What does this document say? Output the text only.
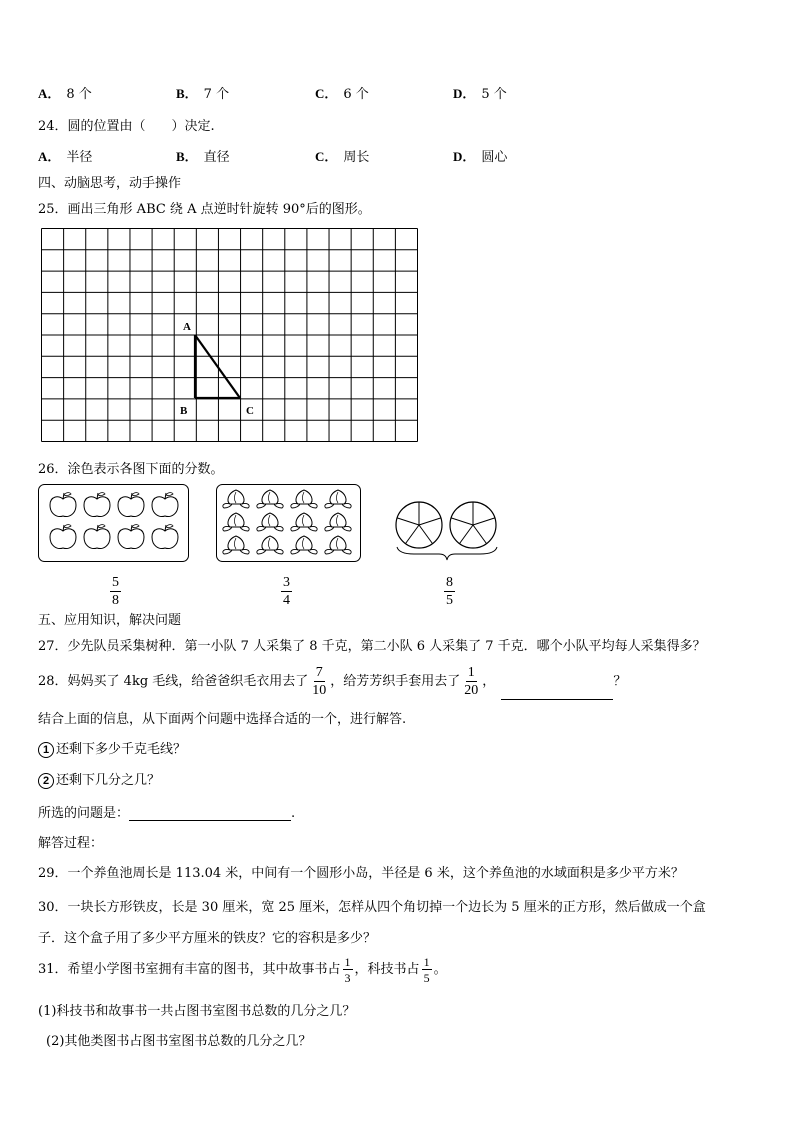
A． 8 个	B． 7 个	C． 6 个	D． 5 个
24．圆的位置由（　　）决定.
A． 半径	B． 直径	C． 周长	D． 圆心
四、动脑思考，动手操作
25．画出三角形 ABC 绕 A 点逆时针旋转 90°后的图形。
A
B	C
26．涂色表示各图下面的分数。
$\frac{5}{8}$	$\frac{3}{4}$	$\frac{8}{5}$
五、应用知识，解决问题
27．少先队员采集树种．第一小队 7 人采集了 8 千克，第二小队 6 人采集了 7 千克．哪个小队平均每人采集得多？
28．妈妈买了 4kg 毛线，给爸爸织毛衣用去了 $\frac{7}{10}$ ，给芳芳织手套用去了 $\frac{1}{20}$ ，	？
结合上面的信息，从下面两个问题中选择合适的一个，进行解答.
1 还剩下多少千克毛线？
2 还剩下几分之几？
所选的问题是：	.
解答过程：
29．一个养鱼池周长是 113.04 米，中间有一个圆形小岛，半径是 6 米，这个养鱼池的水域面积是多少平方米？
30．一块长方形铁皮，长是 30 厘米，宽 25 厘米，怎样从四个角切掉一个边长为 5 厘米的正方形，然后做成一个盒
子．这个盒子用了多少平方厘米的铁皮？它的容积是多少？
31．希望小学图书室拥有丰富的图书，其中故事书占 $\frac{1}{3}$ ，科技书占 $\frac{1}{5}$ 。
(1)科技书和故事书一共占图书室图书总数的几分之几？
(2)其他类图书占图书室图书总数的几分之几？
